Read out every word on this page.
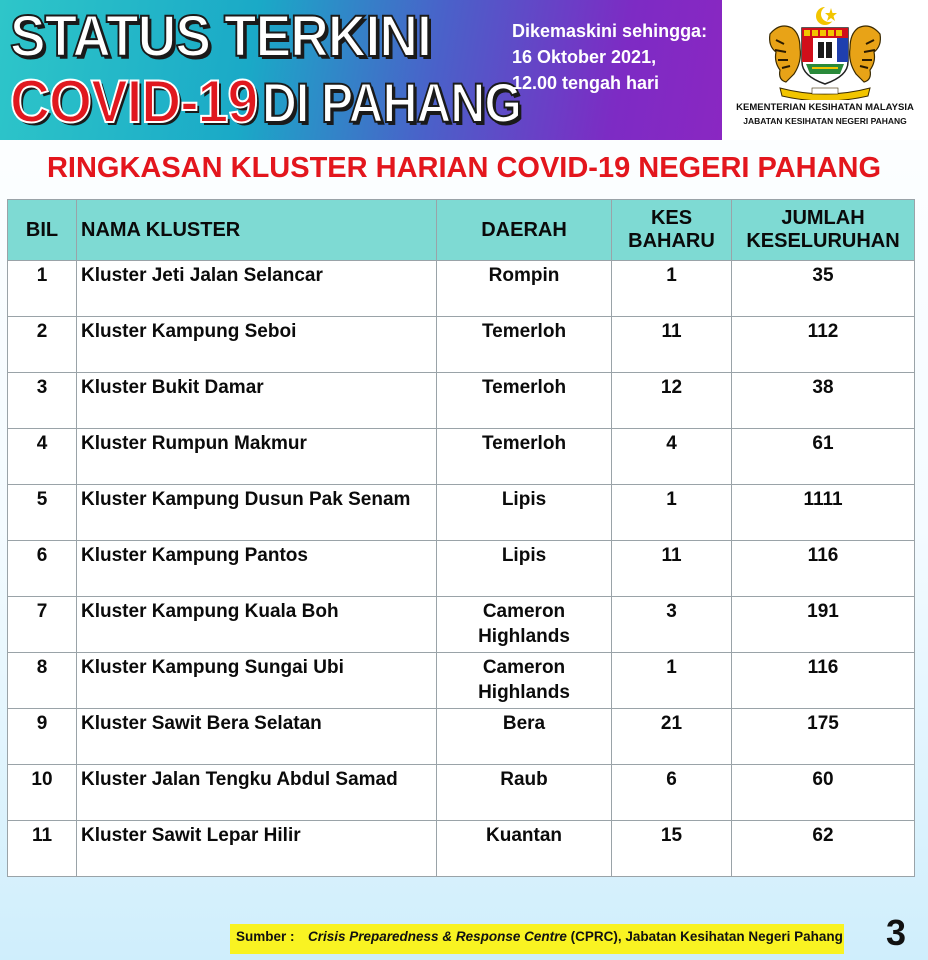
STATUS TERKINI
COVID-19 DI PAHANG
Dikemaskini sehingga:
16 Oktober 2021,
12.00 tengah hari
KEMENTERIAN KESIHATAN MALAYSIA
JABATAN KESIHATAN NEGERI PAHANG
RINGKASAN KLUSTER HARIAN COVID-19 NEGERI PAHANG
BIL	NAMA KLUSTER	DAERAH	KES BAHARU	JUMLAH KESELURUHAN
1	Kluster Jeti Jalan Selancar	Rompin	1	35
2	Kluster Kampung Seboi	Temerloh	11	112
3	Kluster Bukit Damar	Temerloh	12	38
4	Kluster Rumpun Makmur	Temerloh	4	61
5	Kluster Kampung Dusun Pak Senam	Lipis	1	1111
6	Kluster Kampung Pantos	Lipis	11	116
7	Kluster Kampung Kuala Boh	Cameron Highlands	3	191
8	Kluster Kampung Sungai Ubi	Cameron Highlands	1	116
9	Kluster Sawit Bera Selatan	Bera	21	175
10	Kluster Jalan Tengku Abdul Samad	Raub	6	60
11	Kluster Sawit Lepar Hilir	Kuantan	15	62
Sumber : Crisis Preparedness & Response Centre (CPRC), Jabatan Kesihatan Negeri Pahang 3
